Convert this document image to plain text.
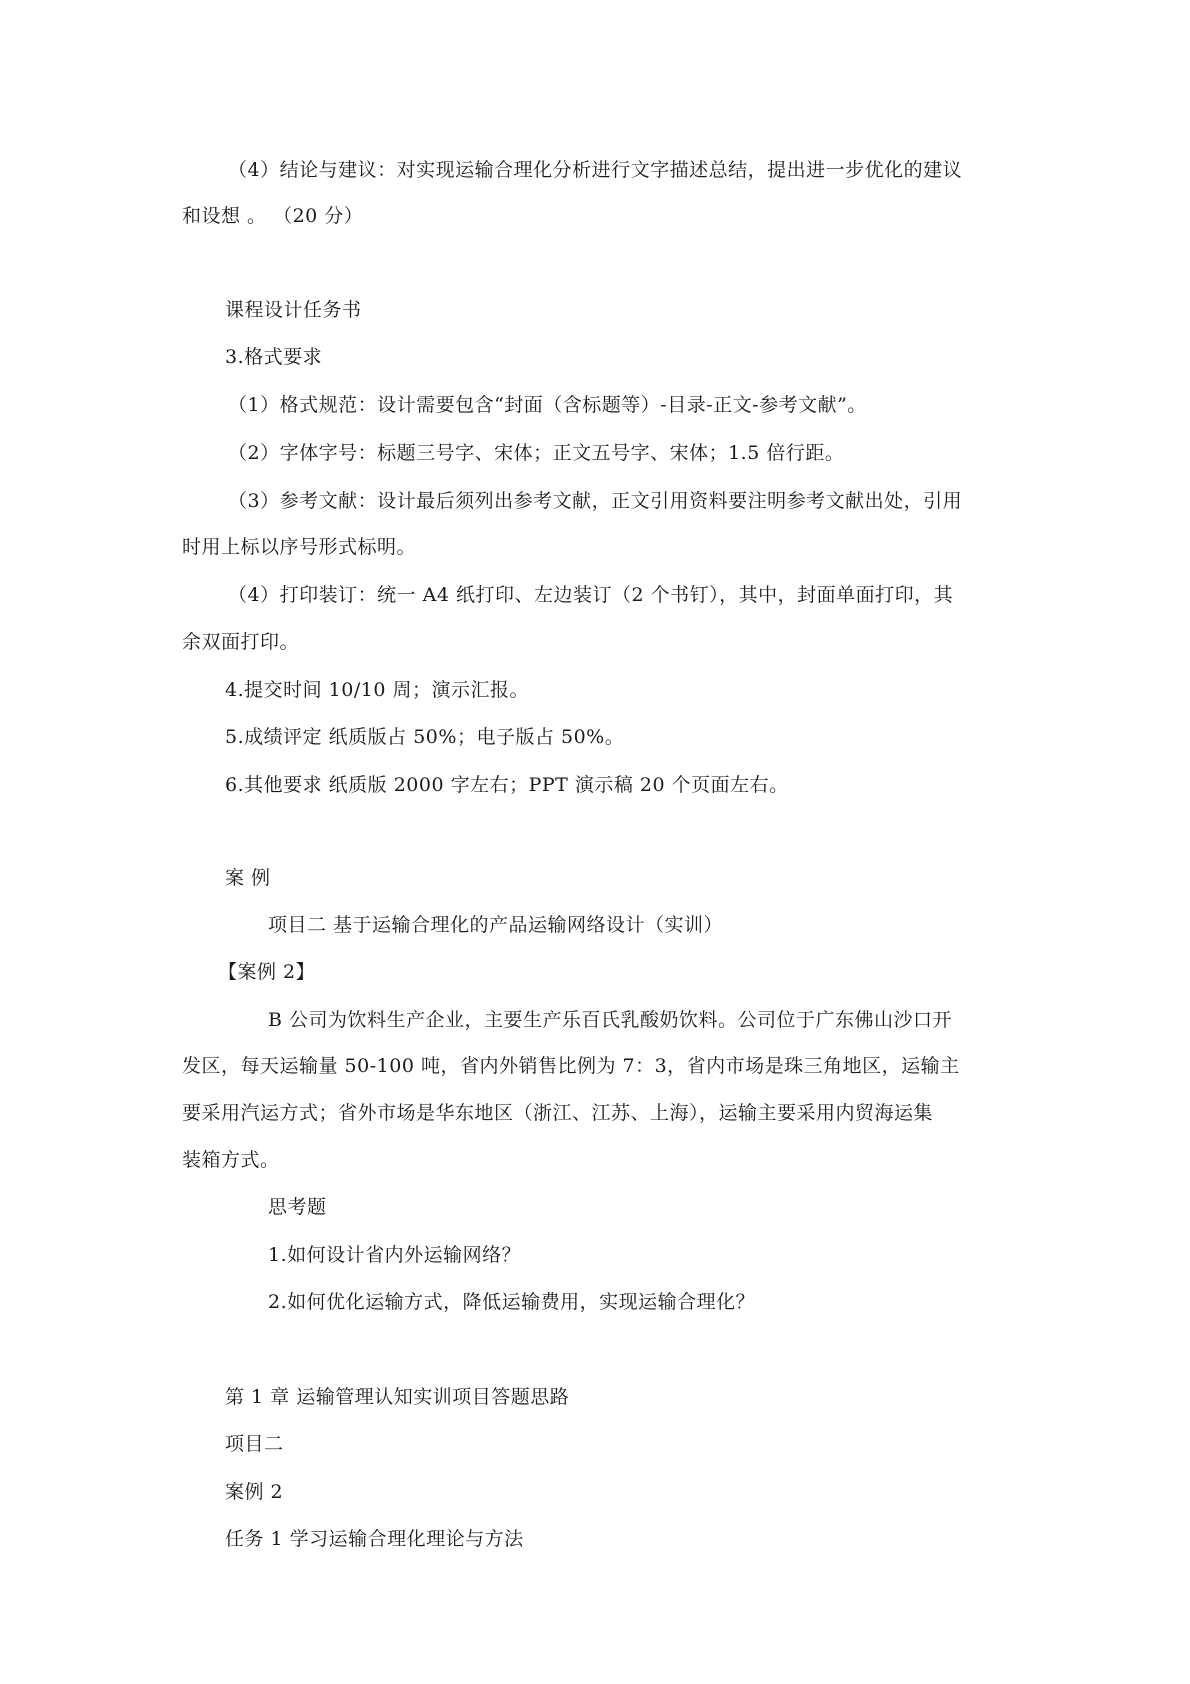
（4）结论与建议：对实现运输合理化分析进行文字描述总结，提出进一步优化的建议
和设想 。 （20 分）
课程设计任务书
3.格式要求
（1）格式规范：设计需要包含“封面（含标题等）-目录-正文-参考文献”。
（2）字体字号：标题三号字、宋体；正文五号字、宋体；1.5 倍行距。
（3）参考文献：设计最后须列出参考文献，正文引用资料要注明参考文献出处，引用
时用上标以序号形式标明。
（4）打印装订：统一 A4 纸打印、左边装订（2 个书钉），其中，封面单面打印，其
余双面打印。
4.提交时间 10/10 周；演示汇报。
5.成绩评定 纸质版占 50%；电子版占 50%。
6.其他要求 纸质版 2000 字左右；PPT 演示稿 20 个页面左右。
案 例
项目二 基于运输合理化的产品运输网络设计（实训）
【案例 2】
B 公司为饮料生产企业，主要生产乐百氏乳酸奶饮料。公司位于广东佛山沙口开
发区，每天运输量 50-100 吨，省内外销售比例为 7：3，省内市场是珠三角地区，运输主
要采用汽运方式；省外市场是华东地区（浙江、江苏、上海），运输主要采用内贸海运集
装箱方式。
思考题
1.如何设计省内外运输网络？
2.如何优化运输方式，降低运输费用，实现运输合理化？
第 1 章 运输管理认知实训项目答题思路
项目二
案例 2
任务 1 学习运输合理化理论与方法
